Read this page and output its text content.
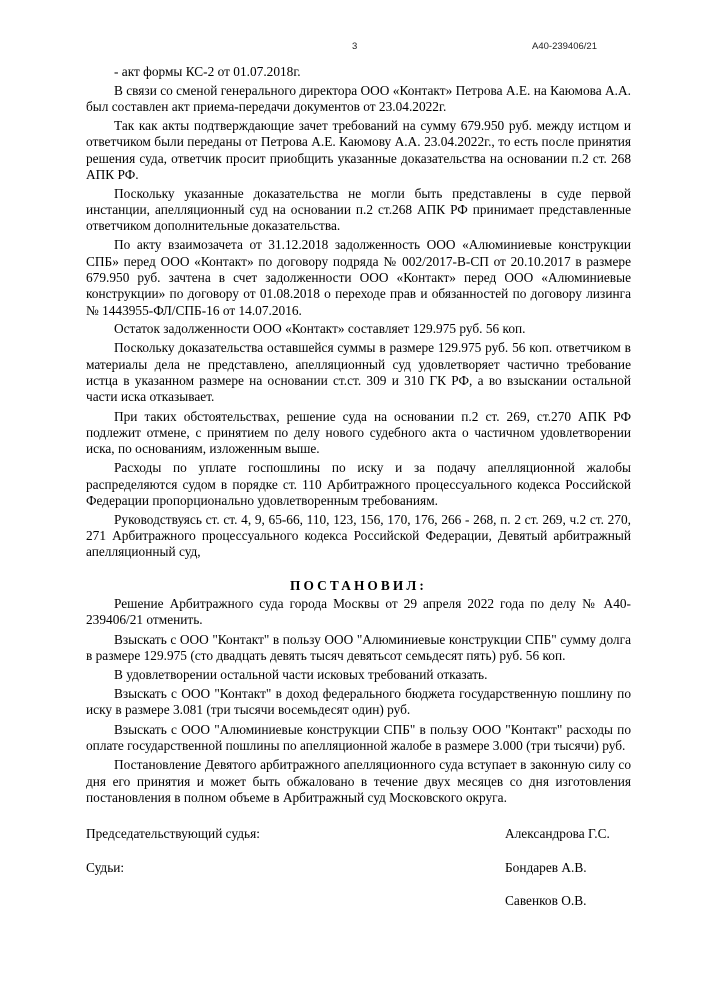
3	А40-239406/21

- акт формы КС-2 от 01.07.2018г.

В связи со сменой генерального директора ООО «Контакт» Петрова А.Е. на Каюмова А.А. был составлен акт приема-передачи документов от 23.04.2022г.

Так как акты подтверждающие зачет требований на сумму 679.950 руб. между истцом и ответчиком были переданы от Петрова А.Е. Каюмову А.А. 23.04.2022г., то есть после принятия решения суда, ответчик просит приобщить указанные доказательства на основании п.2 ст. 268 АПК РФ.

Поскольку указанные доказательства не могли быть представлены в суде первой инстанции, апелляционный суд на основании п.2 ст.268 АПК РФ принимает представленные ответчиком дополнительные доказательства.

По акту взаимозачета от 31.12.2018 задолженность ООО «Алюминиевые конструкции СПБ» перед ООО «Контакт» по договору подряда № 002/2017-В-СП от 20.10.2017 в размере 679.950 руб. зачтена в счет задолженности ООО «Контакт» перед ООО «Алюминиевые конструкции» по договору от 01.08.2018 о переходе прав и обязанностей по договору лизинга № 1443955-ФЛ/СПБ-16 от 14.07.2016.

Остаток задолженности ООО «Контакт» составляет 129.975 руб. 56 коп.

Поскольку доказательства оставшейся суммы в размере 129.975 руб. 56 коп. ответчиком в материалы дела не представлено, апелляционный суд удовлетворяет частично требование истца в указанном размере на основании ст.ст. 309 и 310 ГК РФ, а во взыскании остальной части иска отказывает.

При таких обстоятельствах, решение суда на основании п.2 ст. 269, ст.270 АПК РФ подлежит отмене, с принятием по делу нового судебного акта о частичном удовлетворении иска, по основаниям, изложенным выше.

Расходы по уплате госпошлины по иску и за подачу апелляционной жалобы распределяются судом в порядке ст. 110 Арбитражного процессуального кодекса Российской Федерации пропорционально удовлетворенным требованиям.

Руководствуясь ст. ст. 4, 9, 65-66, 110, 123, 156, 170, 176, 266 - 268, п. 2 ст. 269, ч.2 ст. 270, 271 Арбитражного процессуального кодекса Российской Федерации, Девятый арбитражный апелляционный суд,

ПОСТАНОВИЛ:

Решение Арбитражного суда города Москвы от 29 апреля 2022 года по делу № А40-239406/21 отменить.

Взыскать с ООО "Контакт" в пользу ООО "Алюминиевые конструкции СПБ" сумму долга в размере 129.975 (сто двадцать девять тысяч девятьсот семьдесят пять) руб. 56 коп.

В удовлетворении остальной части исковых требований отказать.

Взыскать с ООО "Контакт" в доход федерального бюджета государственную пошлину по иску в размере 3.081 (три тысячи восемьдесят один) руб.

Взыскать с ООО "Алюминиевые конструкции СПБ" в пользу ООО "Контакт" расходы по оплате государственной пошлины по апелляционной жалобе в размере 3.000 (три тысячи) руб.

Постановление Девятого арбитражного апелляционного суда вступает в законную силу со дня его принятия и может быть обжаловано в течение двух месяцев со дня изготовления постановления в полном объеме в Арбитражный суд Московского округа.

Председательствующий судья:	Александрова Г.С.
Судьи:	Бондарев А.В.
Савенков О.В.
